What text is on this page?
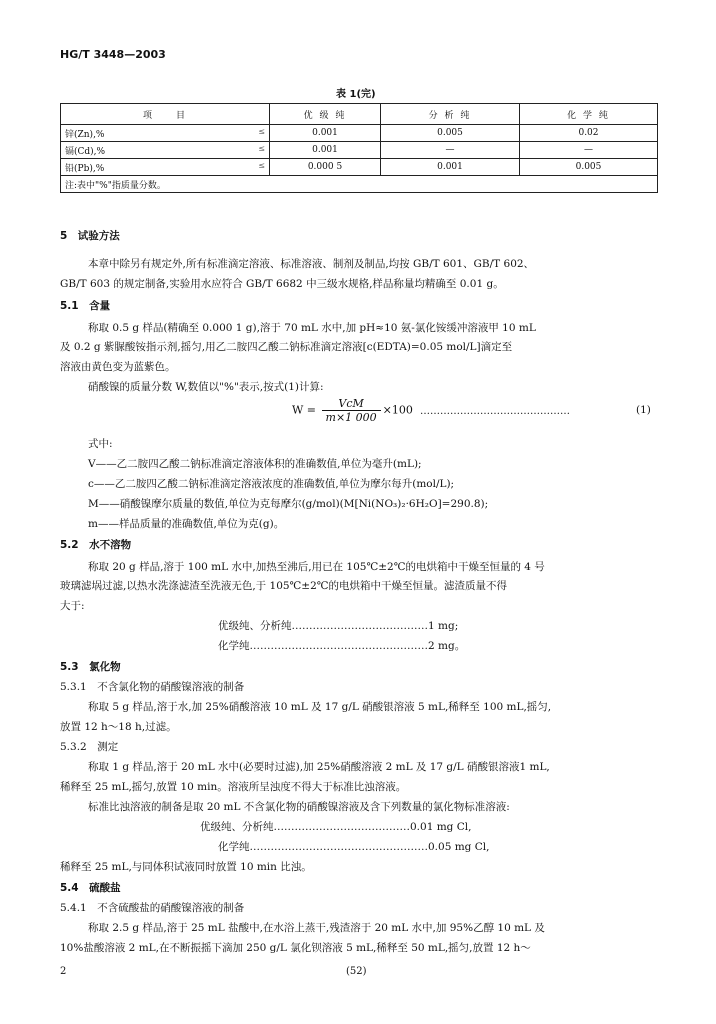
HG/T 3448—2003
表 1(完)
项　　目	优 级 纯	分 析 纯	化 学 纯
锌(Zn),% ≤	0.001	0.005	0.02
镉(Cd),% ≤	0.001	—	—
铅(Pb),% ≤	0.000 5	0.001	0.005
注:表中"%"指质量分数。			
5　试验方法
本章中除另有规定外,所有标准滴定溶液、标准溶液、制剂及制品,均按 GB/T 601、GB/T 602、
GB/T 603 的规定制备,实验用水应符合 GB/T 6682 中三级水规格,样品称量均精确至 0.01 g。
5.1　含量
称取 0.5 g 样品(精确至 0.000 1 g),溶于 70 mL 水中,加 pH≈10 氨-氯化铵缓冲溶液甲 10 mL
及 0.2 g 紫脲酸铵指示剂,摇匀,用乙二胺四乙酸二钠标准滴定溶液[c(EDTA)=0.05 mol/L]滴定至
溶液由黄色变为蓝紫色。
硝酸镍的质量分数 W,数值以"%"表示,按式(1)计算:
$W = \frac{\text{VcM}}{m\times 1 000} \times 100$ ………………………………………	(1)
式中:
V——乙二胺四乙酸二钠标准滴定溶液体积的准确数值,单位为毫升(mL);
c——乙二胺四乙酸二钠标准滴定溶液浓度的准确数值,单位为摩尔每升(mol/L);
M——硝酸镍摩尔质量的数值,单位为克每摩尔(g/mol)(M[Ni(NO₃)₂·6H₂O]=290.8);
m——样品质量的准确数值,单位为克(g)。
5.2　水不溶物
称取 20 g 样品,溶于 100 mL 水中,加热至沸后,用已在 105℃±2℃的电烘箱中干燥至恒量的 4 号
玻璃滤埚过滤,以热水洗涤滤渣至洗液无色,于 105℃±2℃的电烘箱中干燥至恒量。滤渣质量不得
大于:
优级纯、分析纯…………………………………1 mg;
化学纯……………………………………………2 mg。
5.3　氯化物
5.3.1　不含氯化物的硝酸镍溶液的制备
称取 5 g 样品,溶于水,加 25%硝酸溶液 10 mL 及 17 g/L 硝酸银溶液 5 mL,稀释至 100 mL,摇匀,
放置 12 h～18 h,过滤。
5.3.2　测定
称取 1 g 样品,溶于 20 mL 水中(必要时过滤),加 25%硝酸溶液 2 mL 及 17 g/L 硝酸银溶液1 mL,
稀释至 25 mL,摇匀,放置 10 min。溶液所呈浊度不得大于标准比浊溶液。
标准比浊溶液的制备是取 20 mL 不含氯化物的硝酸镍溶液及含下列数量的氯化物标准溶液:
优级纯、分析纯…………………………………0.01 mg Cl,
化学纯……………………………………………0.05 mg Cl,
稀释至 25 mL,与同体积试液同时放置 10 min 比浊。
5.4　硫酸盐
5.4.1　不含硫酸盐的硝酸镍溶液的制备
称取 2.5 g 样品,溶于 25 mL 盐酸中,在水浴上蒸干,残渣溶于 20 mL 水中,加 95%乙醇 10 mL 及
10%盐酸溶液 2 mL,在不断振摇下滴加 250 g/L 氯化钡溶液 5 mL,稀释至 50 mL,摇匀,放置 12 h～
2	(52)
